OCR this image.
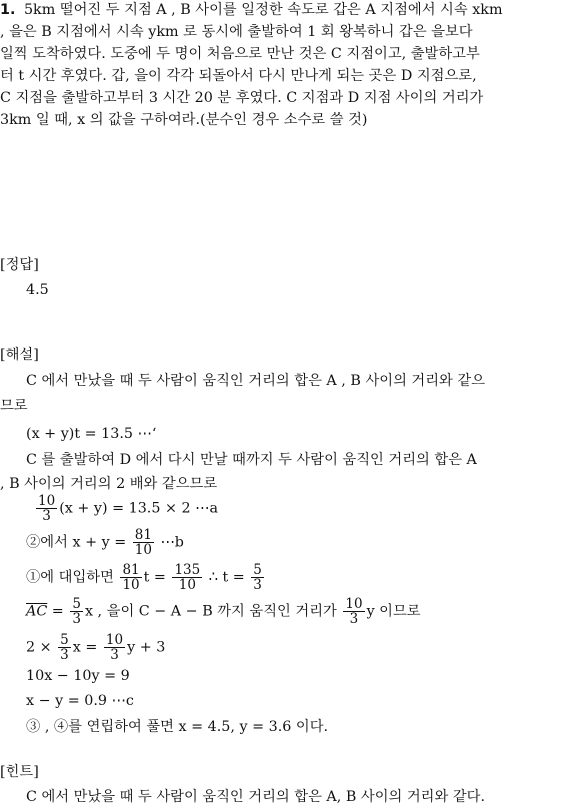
1. 5km 떨어진 두 지점 A , B 사이를 일정한 속도로 갑은 A 지점에서 시속 xkm
, 을은 B 지점에서 시속 ykm 로 동시에 출발하여 1 회 왕복하니 갑은 을보다
일찍 도착하였다. 도중에 두 명이 처음으로 만난 것은 C 지점이고, 출발하고부
터 t 시간 후였다. 갑, 을이 각각 되돌아서 다시 만나게 되는 곳은 D 지점으로,
C 지점을 출발하고부터 3 시간 20 분 후였다. C 지점과 D 지점 사이의 거리가
3km 일 때, x 의 값을 구하여라.(분수인 경우 소수로 쓸 것)
[정답]
4.5
[해설]
C 에서 만났을 때 두 사람이 움직인 거리의 합은 A , B 사이의 거리와 같으
므로
(x + y)t = 13.5 ⋯‘
C 를 출발하여 D 에서 다시 만날 때까지 두 사람이 움직인 거리의 합은 A
, B 사이의 거리의 2 배와 같으므로
$\frac{10}{3} (x + y) = 13.5 \times 2$ ⋯a
②에서 $x + y = \frac{81}{10}$ ⋯b
①에 대입하면 $\frac{81}{10}$ $t = \frac{135}{10}$ ∴ $t = \frac{5}{3}$
$\overline{AC} = \frac{5}{3}$ x , 을이 C − A − B 까지 움직인 거리가 $\frac{10}{3}$ y 이므로
$2 \times \frac{5}{3}$ $x = \frac{10}{3}$ y + 3
10x − 10y = 9
x − y = 0.9 ⋯c
③ , ④를 연립하여 풀면 x = 4.5, y = 3.6 이다.
[힌트]
C 에서 만났을 때 두 사람이 움직인 거리의 합은 A, B 사이의 거리와 같다.
